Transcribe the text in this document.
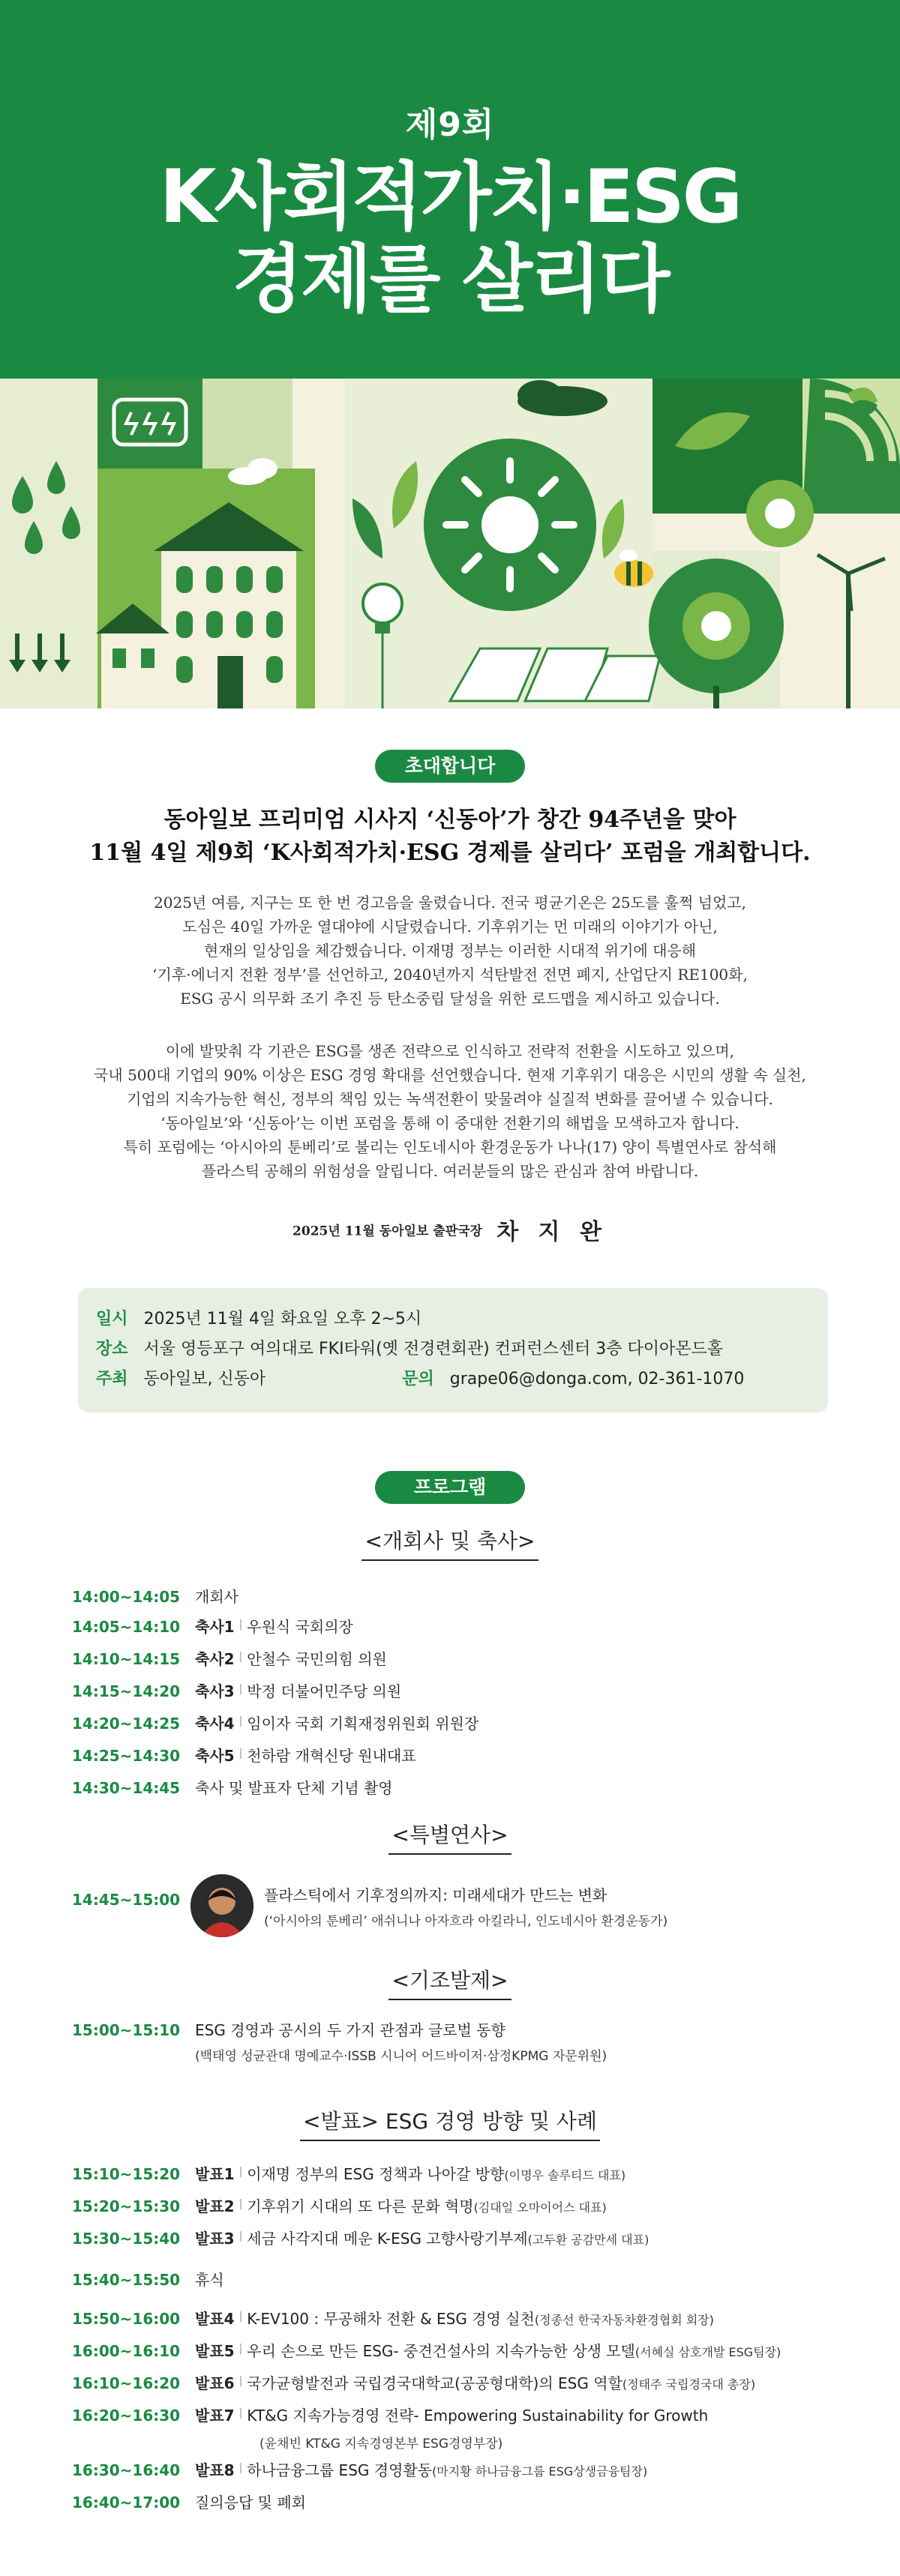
제9회
K사회적가치·ESG
경제를 살리다
초대합니다
동아일보 프리미엄 시사지 ‘신동아’가 창간 94주년을 맞아
11월 4일 제9회 ‘K사회적가치·ESG 경제를 살리다’ 포럼을 개최합니다.
2025년 여름, 지구는 또 한 번 경고음을 울렸습니다. 전국 평균기온은 25도를 훌쩍 넘었고,
도심은 40일 가까운 열대야에 시달렸습니다. 기후위기는 먼 미래의 이야기가 아닌,
현재의 일상임을 체감했습니다. 이재명 정부는 이러한 시대적 위기에 대응해
‘기후·에너지 전환 정부’를 선언하고, 2040년까지 석탄발전 전면 폐지, 산업단지 RE100화,
ESG 공시 의무화 조기 추진 등 탄소중립 달성을 위한 로드맵을 제시하고 있습니다.
이에 발맞춰 각 기관은 ESG를 생존 전략으로 인식하고 전략적 전환을 시도하고 있으며,
국내 500대 기업의 90% 이상은 ESG 경영 확대를 선언했습니다. 현재 기후위기 대응은 시민의 생활 속 실천,
기업의 지속가능한 혁신, 정부의 책임 있는 녹색전환이 맞물려야 실질적 변화를 끌어낼 수 있습니다.
‘동아일보’와 ‘신동아’는 이번 포럼을 통해 이 중대한 전환기의 해법을 모색하고자 합니다.
특히 포럼에는 ‘아시아의 툰베리’로 불리는 인도네시아 환경운동가 나나(17) 양이 특별연사로 참석해
플라스틱 공해의 위험성을 알립니다. 여러분들의 많은 관심과 참여 바랍니다.
2025년 11월 동아일보 출판국장 차 지 완
일시 2025년 11월 4일 화요일 오후 2~5시
장소 서울 영등포구 여의대로 FKI타워(옛 전경련회관) 컨퍼런스센터 3층 다이아몬드홀
주최 동아일보, 신동아	문의 grape06@donga.com, 02-361-1070
프로그램
<개회사 및 축사>
14:00~14:05 개회사
14:05~14:10 축사1 | 우원식 국회의장
14:10~14:15 축사2 | 안철수 국민의힘 의원
14:15~14:20 축사3 | 박정 더불어민주당 의원
14:20~14:25 축사4 | 임이자 국회 기획재정위원회 위원장
14:25~14:30 축사5 | 천하람 개혁신당 원내대표
14:30~14:45 축사 및 발표자 단체 기념 촬영
<특별연사>
14:45~15:00	플라스틱에서 기후정의까지: 미래세대가 만드는 변화
(‘아시아의 툰베리’ 애쉬니나 아자흐라 아킬라니, 인도네시아 환경운동가)
<기조발제>
15:00~15:10 ESG 경영과 공시의 두 가지 관점과 글로벌 동향
(백태영 성균관대 명예교수·ISSB 시니어 어드바이저·삼정KPMG 자문위원)
<발표> ESG 경영 방향 및 사례
15:10~15:20 발표1 | 이재명 정부의 ESG 정책과 나아갈 방향 (이명우 솔루티드 대표)
15:20~15:30 발표2 | 기후위기 시대의 또 다른 문화 혁명 (김대일 오마이어스 대표)
15:30~15:40 발표3 | 세금 사각지대 메운 K-ESG 고향사랑기부제 (고두환 공감만세 대표)
15:40~15:50 휴식
15:50~16:00 발표4 | K-EV100 : 무공해차 전환 & ESG 경영 실천 (정종선 한국자동차환경협회 회장)
16:00~16:10 발표5 | 우리 손으로 만든 ESG- 중견건설사의 지속가능한 상생 모델 (서혜실 삼호개발 ESG팀장)
16:10~16:20 발표6 | 국가균형발전과 국립경국대학교(공공형대학)의 ESG 역할 (정태주 국립경국대 총장)
16:20~16:30 발표7 | KT&G 지속가능경영 전략- Empowering Sustainability for Growth
(윤채빈 KT&G 지속경영본부 ESG경영부장)
16:30~16:40 발표8 | 하나금융그룹 ESG 경영활동 (마지황 하나금융그룹 ESG상생금융팀장)
16:40~17:00 질의응답 및 폐회
